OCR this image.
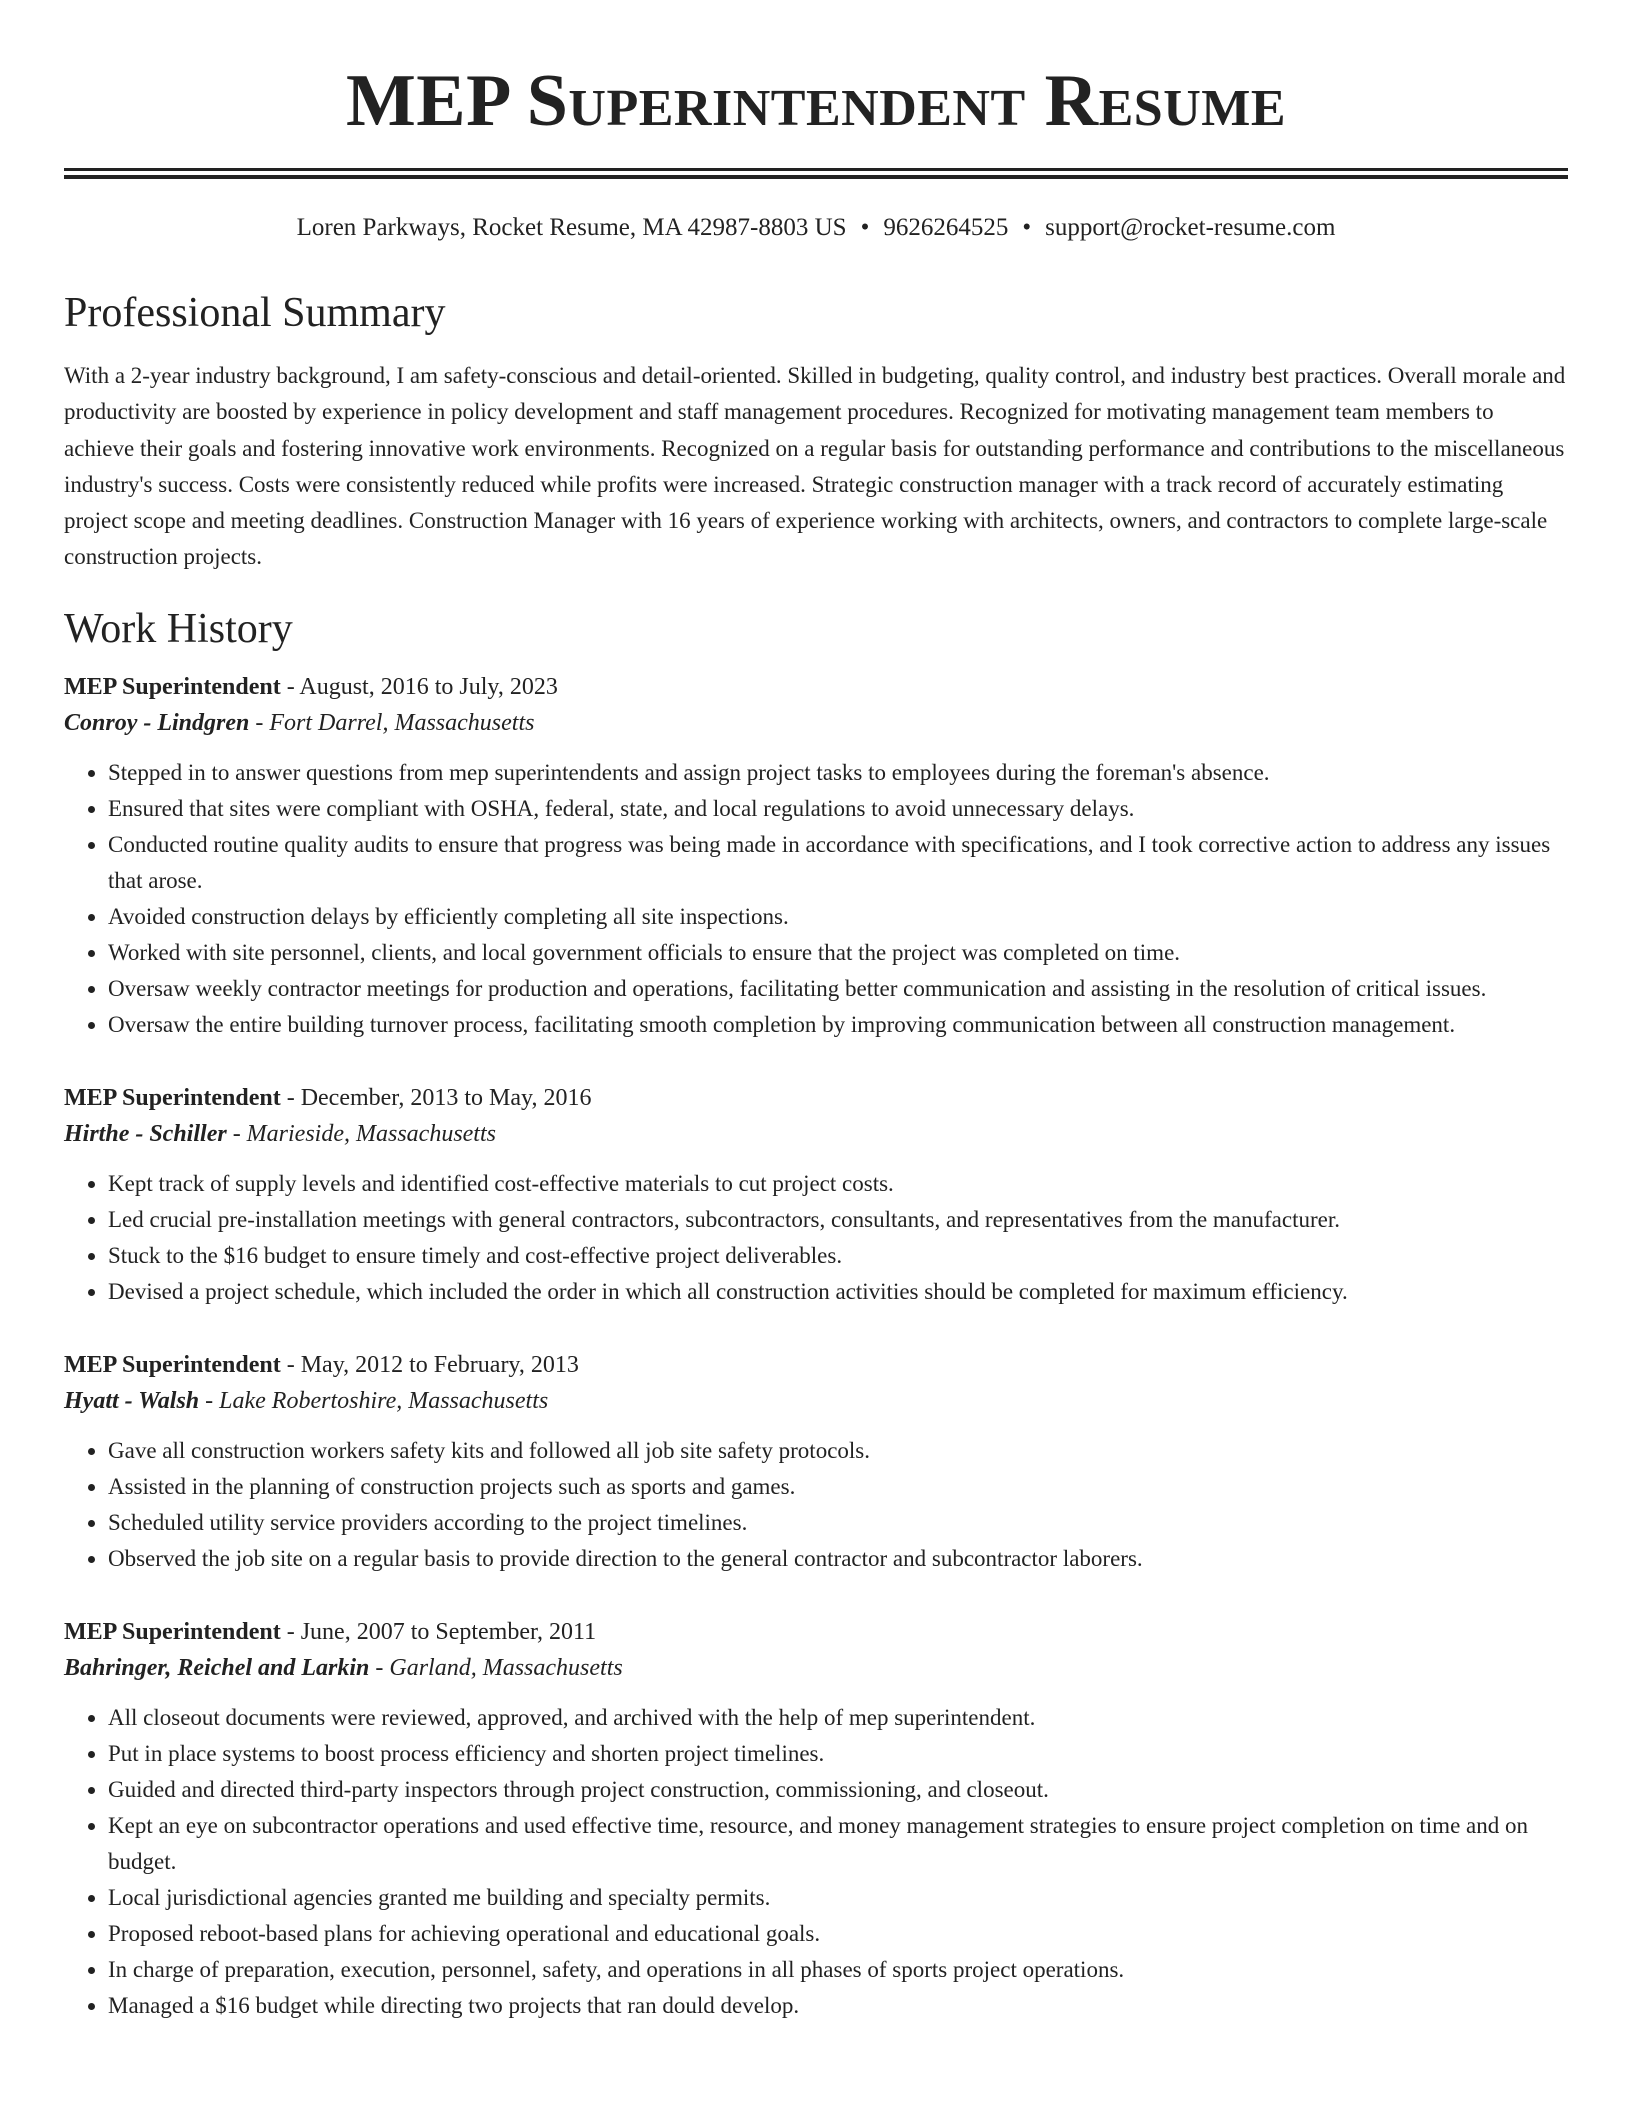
MEP Superintendent Resume
Loren Parkways, Rocket Resume, MA 42987-8803 US • 9626264525 • support@rocket-resume.com
Professional Summary
With a 2-year industry background, I am safety-conscious and detail-oriented. Skilled in budgeting, quality control, and industry best practices. Overall morale and productivity are boosted by experience in policy development and staff management procedures. Recognized for motivating management team members to achieve their goals and fostering innovative work environments. Recognized on a regular basis for outstanding performance and contributions to the miscellaneous industry's success. Costs were consistently reduced while profits were increased. Strategic construction manager with a track record of accurately estimating project scope and meeting deadlines. Construction Manager with 16 years of experience working with architects, owners, and contractors to complete large-scale construction projects.
Work History
MEP Superintendent - August, 2016 to July, 2023
Conroy - Lindgren - Fort Darrel, Massachusetts
• Stepped in to answer questions from mep superintendents and assign project tasks to employees during the foreman's absence.
• Ensured that sites were compliant with OSHA, federal, state, and local regulations to avoid unnecessary delays.
• Conducted routine quality audits to ensure that progress was being made in accordance with specifications, and I took corrective action to address any issues that arose.
• Avoided construction delays by efficiently completing all site inspections.
• Worked with site personnel, clients, and local government officials to ensure that the project was completed on time.
• Oversaw weekly contractor meetings for production and operations, facilitating better communication and assisting in the resolution of critical issues.
• Oversaw the entire building turnover process, facilitating smooth completion by improving communication between all construction management.
MEP Superintendent - December, 2013 to May, 2016
Hirthe - Schiller - Marieside, Massachusetts
• Kept track of supply levels and identified cost-effective materials to cut project costs.
• Led crucial pre-installation meetings with general contractors, subcontractors, consultants, and representatives from the manufacturer.
• Stuck to the $16 budget to ensure timely and cost-effective project deliverables.
• Devised a project schedule, which included the order in which all construction activities should be completed for maximum efficiency.
MEP Superintendent - May, 2012 to February, 2013
Hyatt - Walsh - Lake Robertoshire, Massachusetts
• Gave all construction workers safety kits and followed all job site safety protocols.
• Assisted in the planning of construction projects such as sports and games.
• Scheduled utility service providers according to the project timelines.
• Observed the job site on a regular basis to provide direction to the general contractor and subcontractor laborers.
MEP Superintendent - June, 2007 to September, 2011
Bahringer, Reichel and Larkin - Garland, Massachusetts
• All closeout documents were reviewed, approved, and archived with the help of mep superintendent.
• Put in place systems to boost process efficiency and shorten project timelines.
• Guided and directed third-party inspectors through project construction, commissioning, and closeout.
• Kept an eye on subcontractor operations and used effective time, resource, and money management strategies to ensure project completion on time and on budget.
• Local jurisdictional agencies granted me building and specialty permits.
• Proposed reboot-based plans for achieving operational and educational goals.
• In charge of preparation, execution, personnel, safety, and operations in all phases of sports project operations.
• Managed a $16 budget while directing two projects that ran dould develop.
